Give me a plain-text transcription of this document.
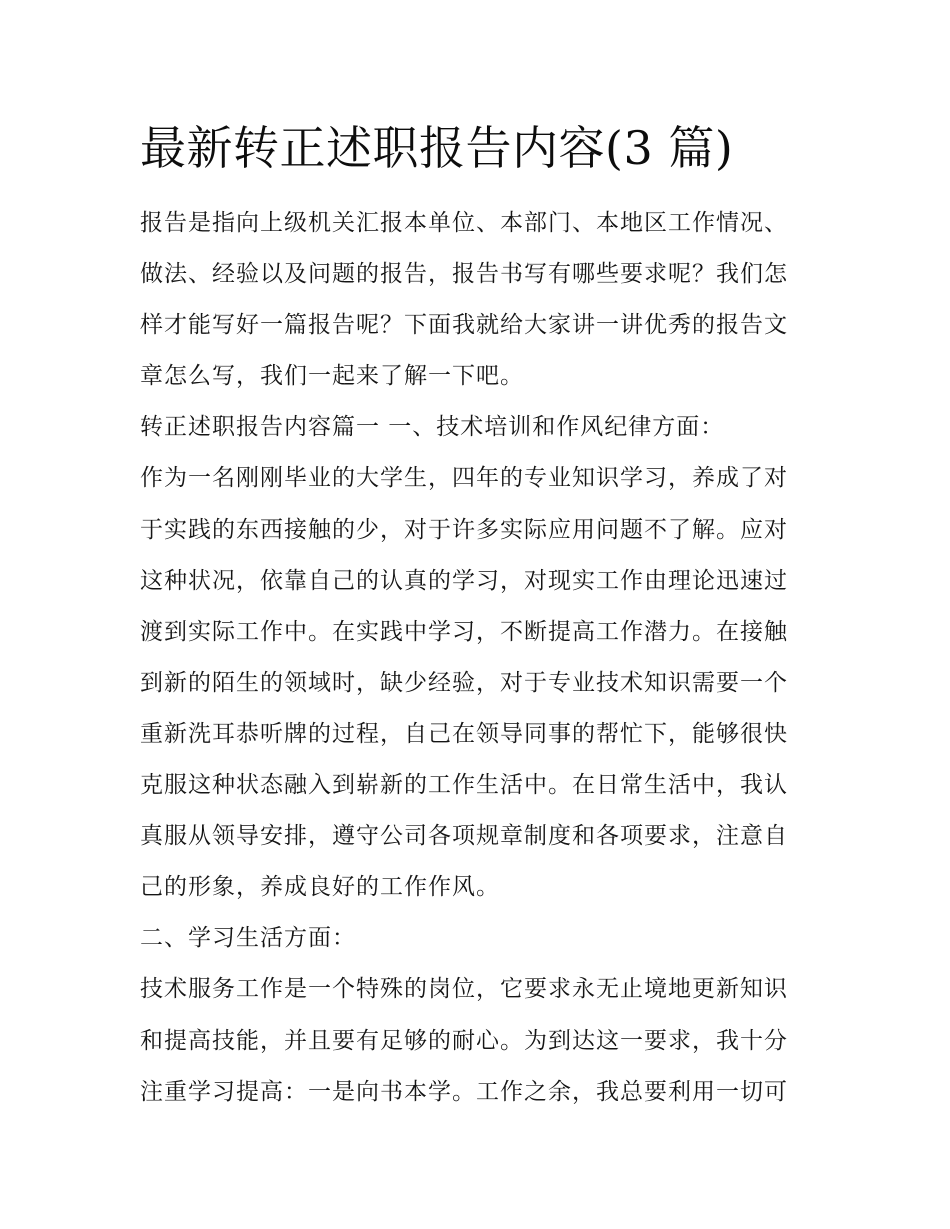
最新转正述职报告内容(3 篇)
报告是指向上级机关汇报本单位、本部门、本地区工作情况、
做法、经验以及问题的报告，报告书写有哪些要求呢？我们怎
样才能写好一篇报告呢？下面我就给大家讲一讲优秀的报告文
章怎么写，我们一起来了解一下吧。
转正述职报告内容篇一 一、技术培训和作风纪律方面：
作为一名刚刚毕业的大学生，四年的专业知识学习，养成了对
于实践的东西接触的少，对于许多实际应用问题不了解。应对
这种状况，依靠自己的认真的学习，对现实工作由理论迅速过
渡到实际工作中。在实践中学习，不断提高工作潜力。在接触
到新的陌生的领域时，缺少经验，对于专业技术知识需要一个
重新洗耳恭听牌的过程，自己在领导同事的帮忙下，能够很快
克服这种状态融入到崭新的工作生活中。在日常生活中，我认
真服从领导安排，遵守公司各项规章制度和各项要求，注意自
己的形象，养成良好的工作作风。
二、学习生活方面：
技术服务工作是一个特殊的岗位，它要求永无止境地更新知识
和提高技能，并且要有足够的耐心。为到达这一要求，我十分
注重学习提高：一是向书本学。工作之余，我总要利用一切可
